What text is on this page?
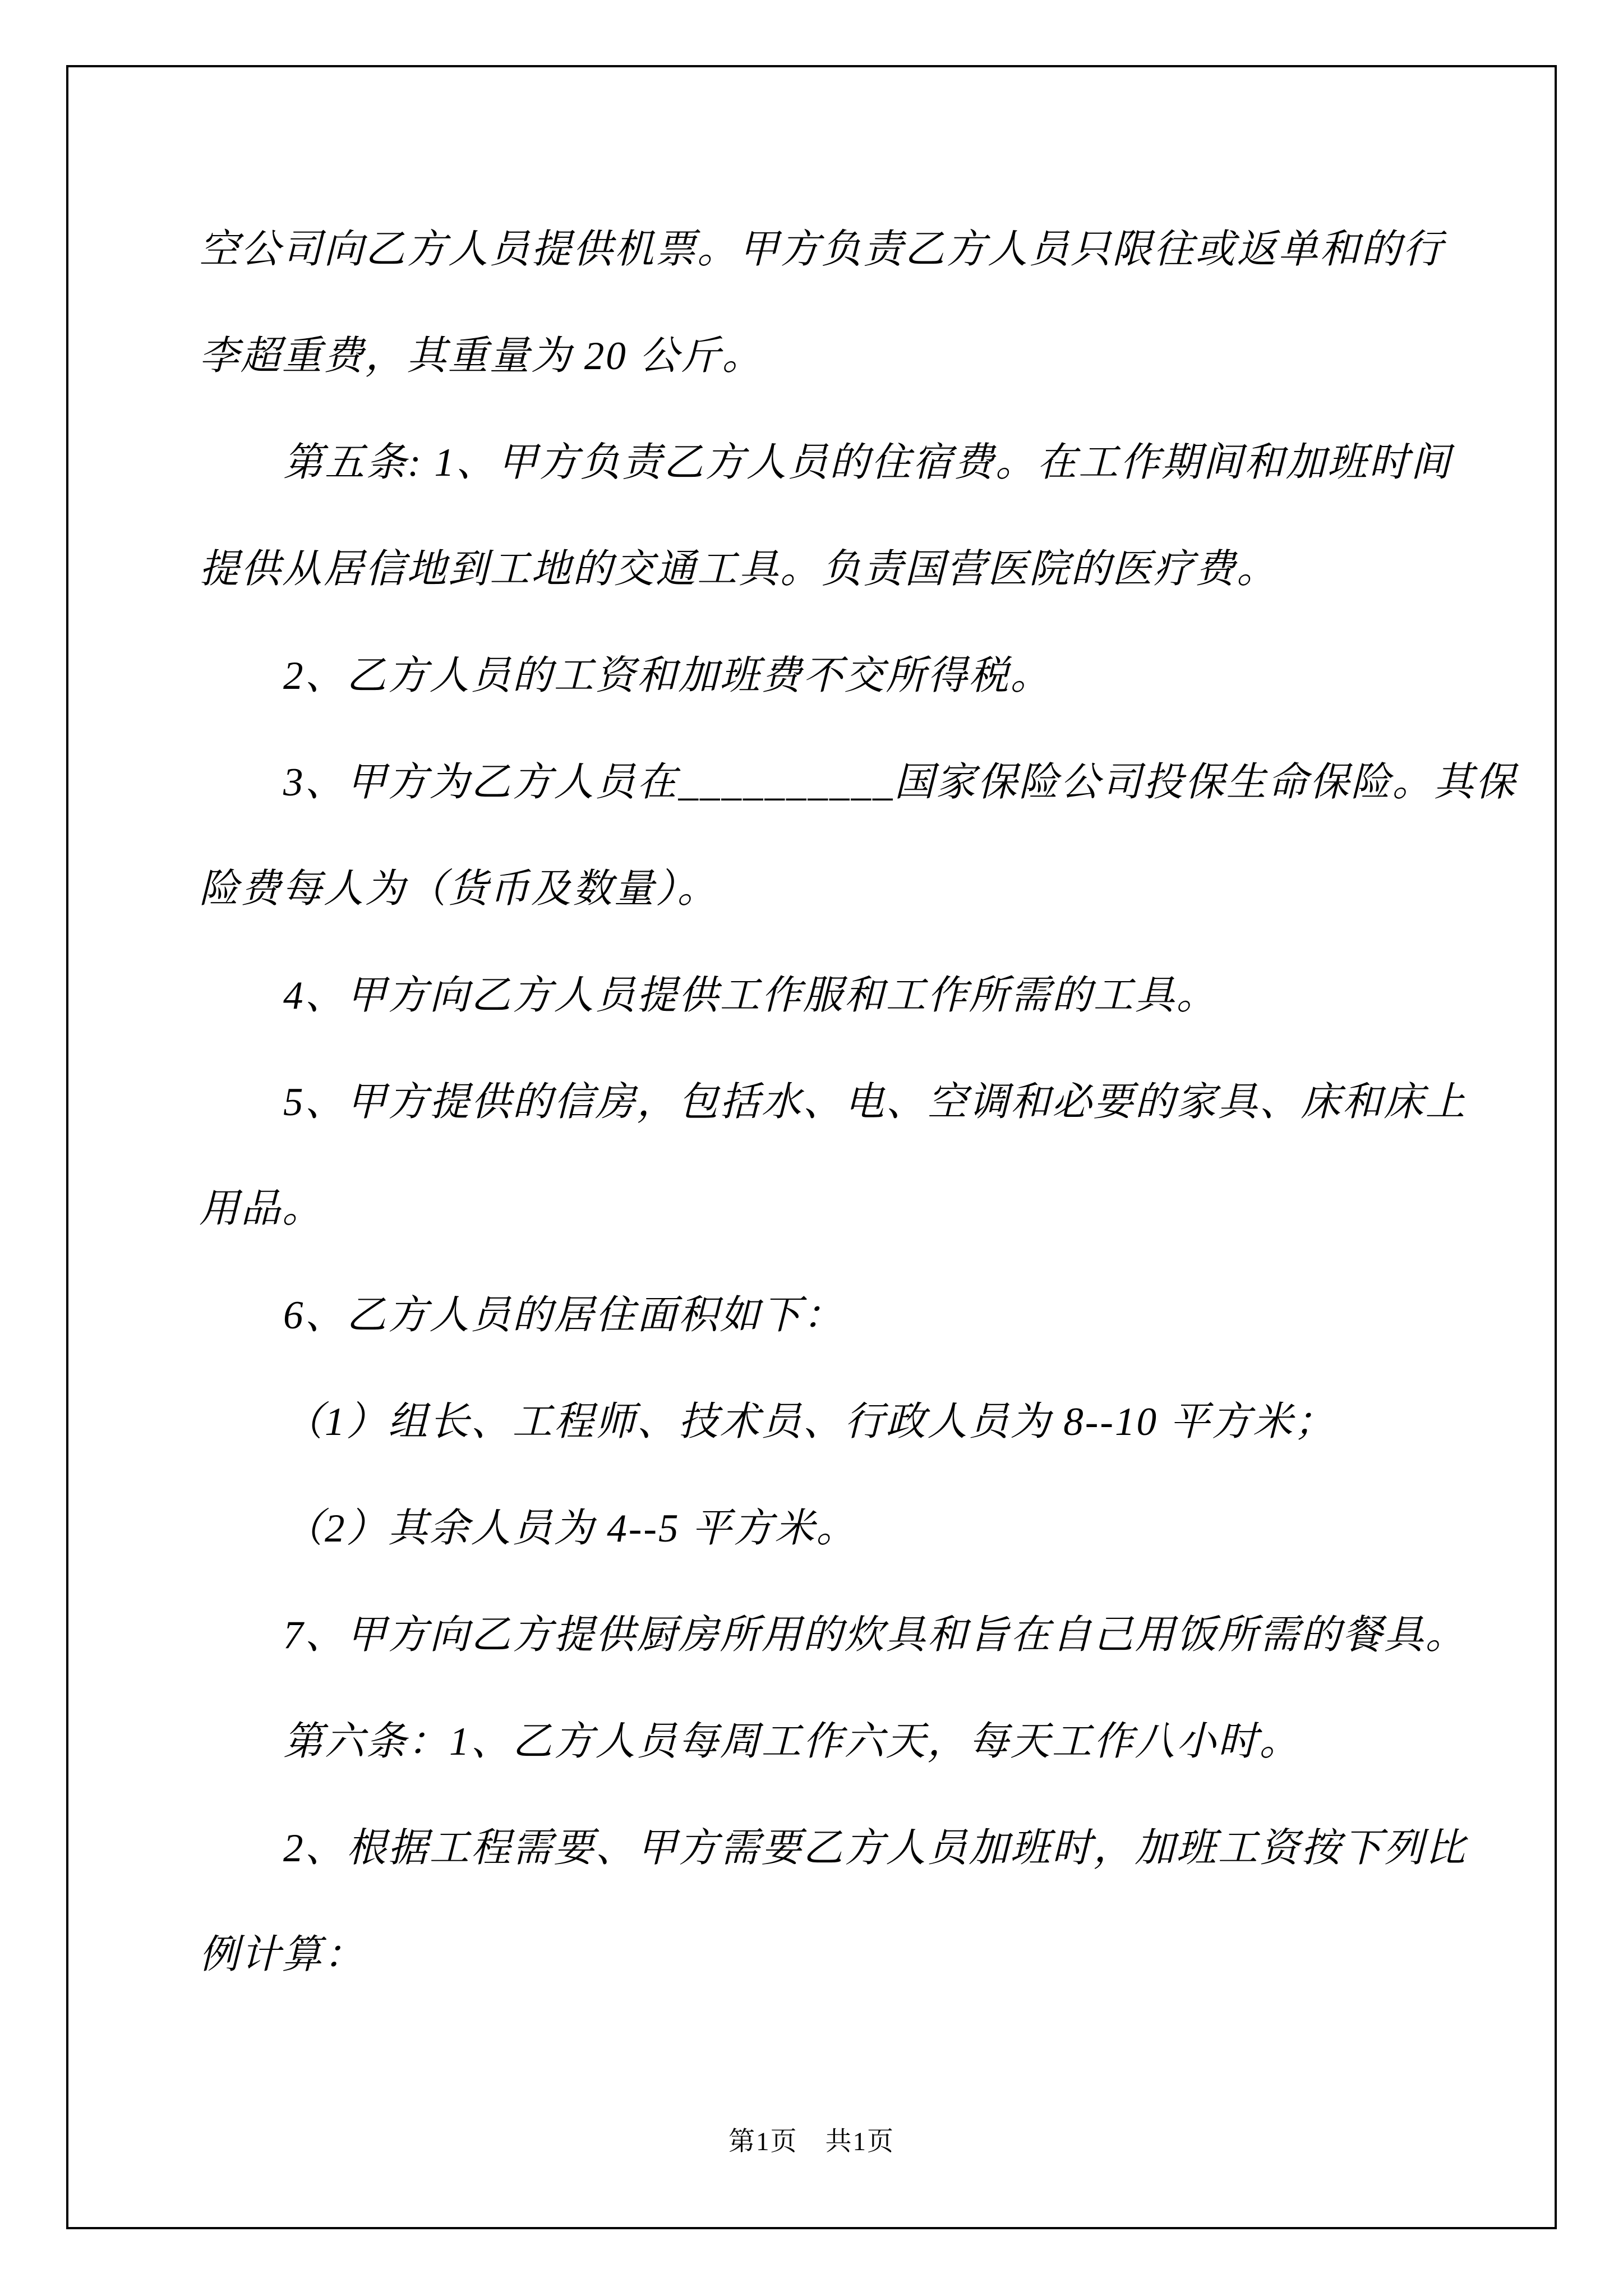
空公司向乙方人员提供机票。甲方负责乙方人员只限往或返单和的行
李超重费，其重量为 20 公斤。
第五条: 1、甲方负责乙方人员的住宿费。在工作期间和加班时间
提供从居信地到工地的交通工具。负责国营医院的医疗费。
2、乙方人员的工资和加班费不交所得税。
3、甲方为乙方人员在__________国家保险公司投保生命保险。其保
险费每人为（货币及数量）。
4、甲方向乙方人员提供工作服和工作所需的工具。
5、甲方提供的信房，包括水、电、空调和必要的家具、床和床上
用品。
6、乙方人员的居住面积如下：
（1）组长、工程师、技术员、行政人员为 8--10 平方米；
（2）其余人员为 4--5 平方米。
7、甲方向乙方提供厨房所用的炊具和旨在自己用饭所需的餐具。
第六条：1、乙方人员每周工作六天，每天工作八小时。
2、根据工程需要、甲方需要乙方人员加班时，加班工资按下列比
例计算：
第1页　共1页
